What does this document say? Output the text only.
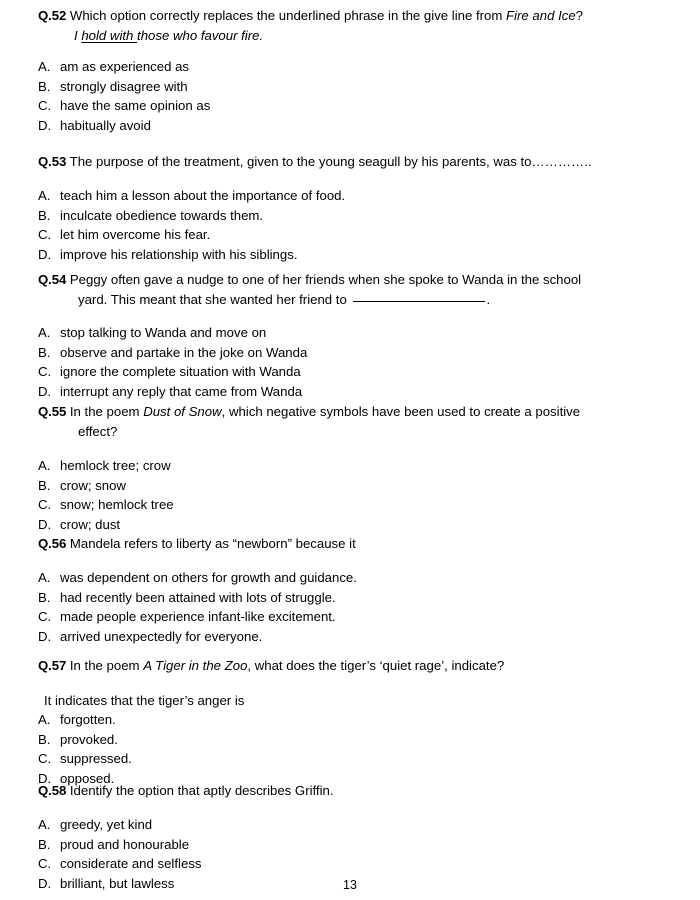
Q.52 Which option correctly replaces the underlined phrase in the give line from Fire and Ice?
I hold with those who favour fire.
A. am as experienced as
B. strongly disagree with
C. have the same opinion as
D. habitually avoid
Q.53 The purpose of the treatment, given to the young seagull by his parents, was to…………..
A. teach him a lesson about the importance of food.
B. inculcate obedience towards them.
C. let him overcome his fear.
D. improve his relationship with his siblings.
Q.54 Peggy often gave a nudge to one of her friends when she spoke to Wanda in the school
yard. This meant that she wanted her friend to	.
A. stop talking to Wanda and move on
B. observe and partake in the joke on Wanda
C. ignore the complete situation with Wanda
D. interrupt any reply that came from Wanda
Q.55 In the poem Dust of Snow, which negative symbols have been used to create a positive
effect?
A. hemlock tree; crow
B. crow; snow
C. snow; hemlock tree
D. crow; dust
Q.56 Mandela refers to liberty as “newborn” because it
A. was dependent on others for growth and guidance.
B. had recently been attained with lots of struggle.
C. made people experience infant-like excitement.
D. arrived unexpectedly for everyone.
Q.57 In the poem A Tiger in the Zoo, what does the tiger’s ‘quiet rage’, indicate?
It indicates that the tiger’s anger is
A. forgotten.
B. provoked.
C. suppressed.
D. opposed.
Q.58 Identify the option that aptly describes Griffin.
A. greedy, yet kind
B. proud and honourable
C. considerate and selfless
D. brilliant, but lawless	13
